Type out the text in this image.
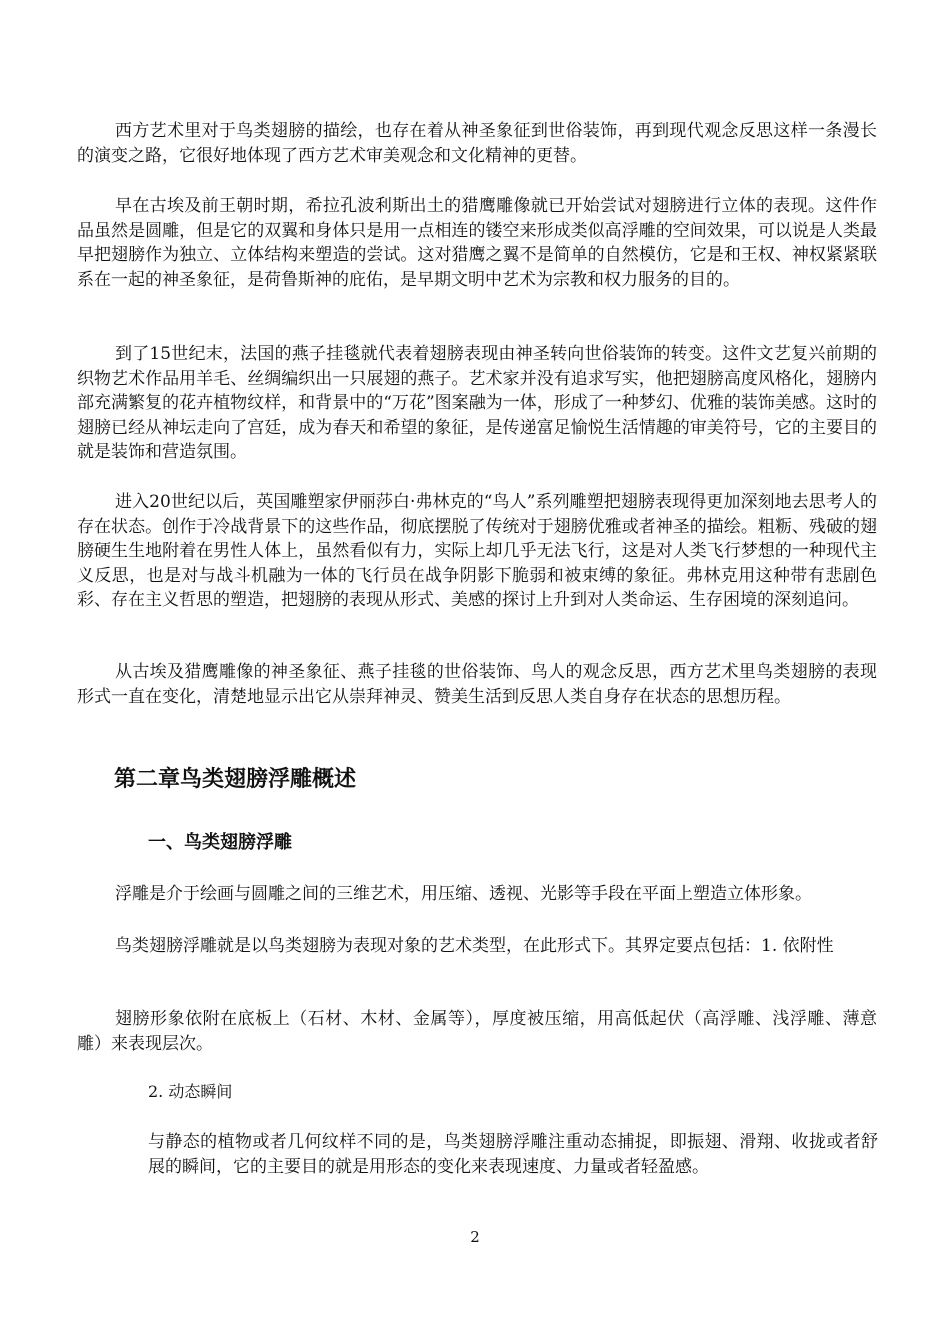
西方艺术里对于鸟类翅膀的描绘，也存在着从神圣象征到世俗装饰，再到现代观念反思这样一条漫长的演变之路，它很好地体现了西方艺术审美观念和文化精神的更替。

早在古埃及前王朝时期，希拉孔波利斯出土的猎鹰雕像就已开始尝试对翅膀进行立体的表现。这件作品虽然是圆雕，但是它的双翼和身体只是用一点相连的镂空来形成类似高浮雕的空间效果，可以说是人类最早把翅膀作为独立、立体结构来塑造的尝试。这对猎鹰之翼不是简单的自然模仿，它是和王权、神权紧紧联系在一起的神圣象征，是荷鲁斯神的庇佑，是早期文明中艺术为宗教和权力服务的目的。

到了15世纪末，法国的燕子挂毯就代表着翅膀表现由神圣转向世俗装饰的转变。这件文艺复兴前期的织物艺术作品用羊毛、丝绸编织出一只展翅的燕子。艺术家并没有追求写实，他把翅膀高度风格化，翅膀内部充满繁复的花卉植物纹样，和背景中的“万花”图案融为一体，形成了一种梦幻、优雅的装饰美感。这时的翅膀已经从神坛走向了宫廷，成为春天和希望的象征，是传递富足愉悦生活情趣的审美符号，它的主要目的就是装饰和营造氛围。

进入20世纪以后，英国雕塑家伊丽莎白·弗林克的“鸟人”系列雕塑把翅膀表现得更加深刻地去思考人的存在状态。创作于冷战背景下的这些作品，彻底摆脱了传统对于翅膀优雅或者神圣的描绘。粗粝、残破的翅膀硬生生地附着在男性人体上，虽然看似有力，实际上却几乎无法飞行，这是对人类飞行梦想的一种现代主义反思，也是对与战斗机融为一体的飞行员在战争阴影下脆弱和被束缚的象征。弗林克用这种带有悲剧色彩、存在主义哲思的塑造，把翅膀的表现从形式、美感的探讨上升到对人类命运、生存困境的深刻追问。

从古埃及猎鹰雕像的神圣象征、燕子挂毯的世俗装饰、鸟人的观念反思，西方艺术里鸟类翅膀的表现形式一直在变化，清楚地显示出它从崇拜神灵、赞美生活到反思人类自身存在状态的思想历程。

第二章鸟类翅膀浮雕概述
一、鸟类翅膀浮雕

浮雕是介于绘画与圆雕之间的三维艺术，用压缩、透视、光影等手段在平面上塑造立体形象。

鸟类翅膀浮雕就是以鸟类翅膀为表现对象的艺术类型，在此形式下。其界定要点包括：1. 依附性

翅膀形象依附在底板上（石材、木材、金属等），厚度被压缩，用高低起伏（高浮雕、浅浮雕、薄意雕）来表现层次。

2. 动态瞬间

与静态的植物或者几何纹样不同的是，鸟类翅膀浮雕注重动态捕捉，即振翅、滑翔、收拢或者舒展的瞬间，它的主要目的就是用形态的变化来表现速度、力量或者轻盈感。

2
